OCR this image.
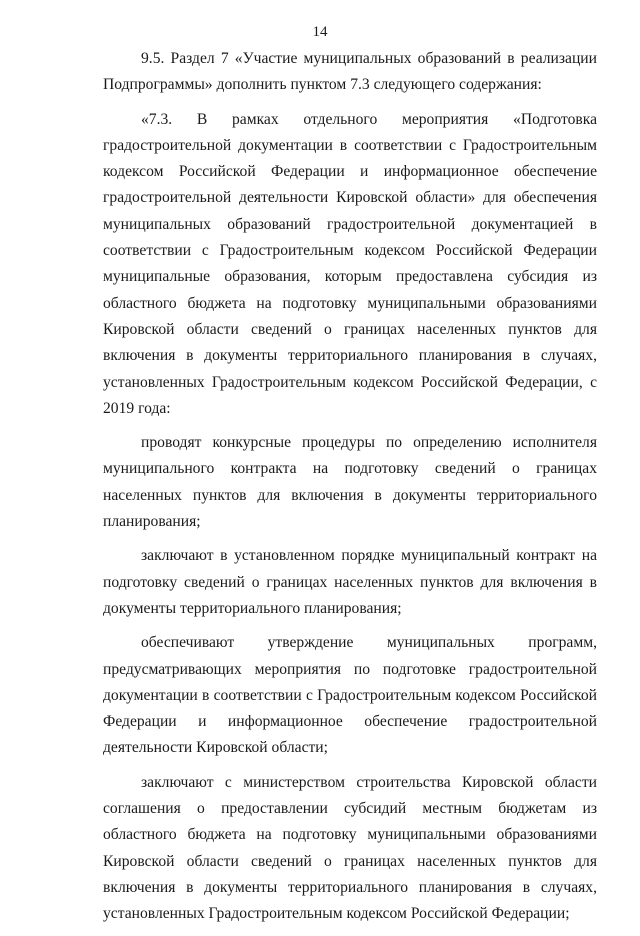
14

9.5. Раздел 7 «Участие муниципальных образований в реализации Подпрограммы» дополнить пунктом 7.3 следующего содержания:

«7.3. В рамках отдельного мероприятия «Подготовка градостроительной документации в соответствии с Градостроительным кодексом Российской Федерации и информационное обеспечение градостроительной деятельности Кировской области» для обеспечения муниципальных образований градостроительной документацией в соответствии с Градостроительным кодексом Российской Федерации муниципальные образования, которым предоставлена субсидия из областного бюджета на подготовку муниципальными образованиями Кировской области сведений о границах населенных пунктов для включения в документы территориального планирования в случаях, установленных Градостроительным кодексом Российской Федерации, с 2019 года:

проводят конкурсные процедуры по определению исполнителя муниципального контракта на подготовку сведений о границах населенных пунктов для включения в документы территориального планирования;

заключают в установленном порядке муниципальный контракт на подготовку сведений о границах населенных пунктов для включения в документы территориального планирования;

обеспечивают утверждение муниципальных программ, предусматривающих мероприятия по подготовке градостроительной документации в соответствии с Градостроительным кодексом Российской Федерации и информационное обеспечение градостроительной деятельности Кировской области;

заключают с министерством строительства Кировской области соглашения о предоставлении субсидий местным бюджетам из областного бюджета на подготовку муниципальными образованиями Кировской области сведений о границах населенных пунктов для включения в документы территориального планирования в случаях, установленных Градостроительным кодексом Российской Федерации;
